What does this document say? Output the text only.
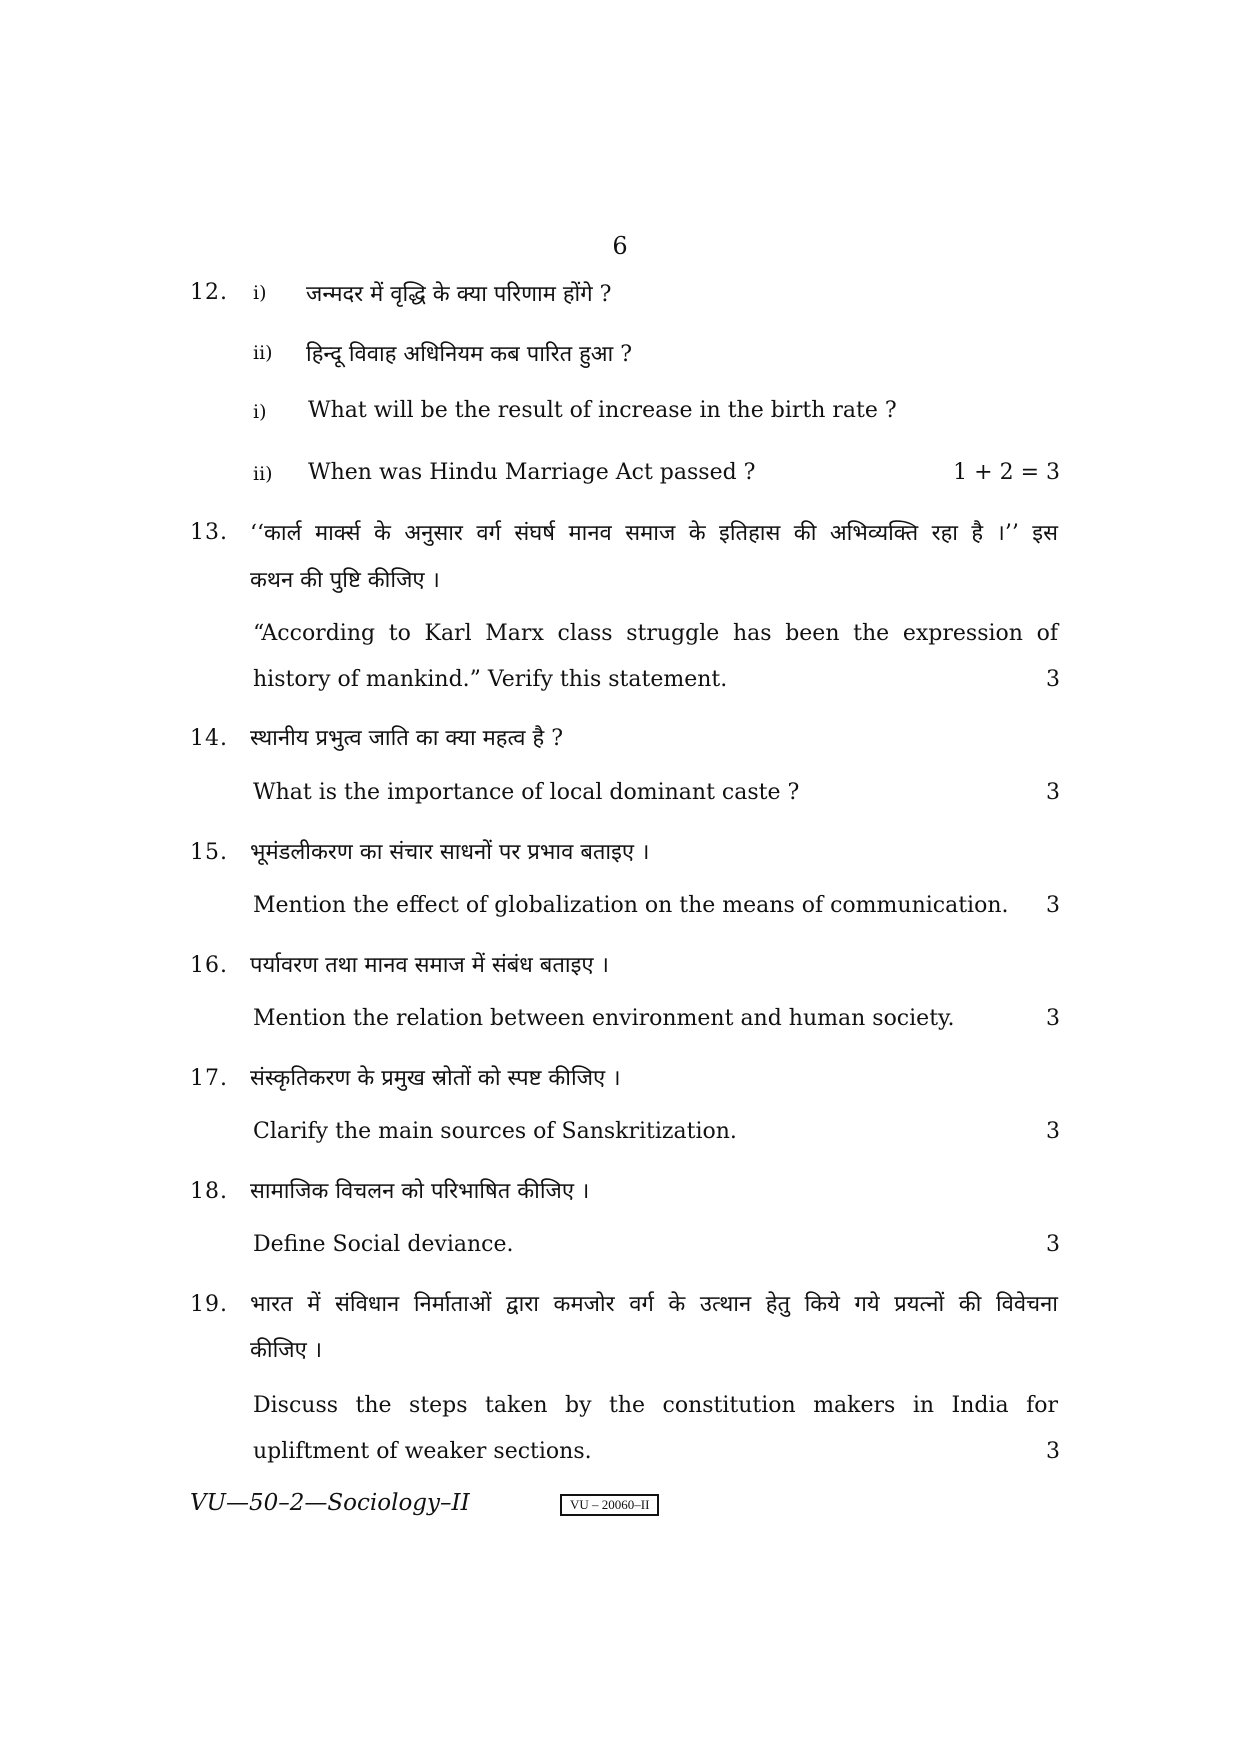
6
12. i) जन्मदर में वृद्धि के क्या परिणाम होंगे ?
ii) हिन्दू विवाह अधिनियम कब पारित हुआ ?
i) What will be the result of increase in the birth rate ?
ii) When was Hindu Marriage Act passed ?	1 + 2 = 3
13. ‘‘कार्ल मार्क्स के अनुसार वर्ग संघर्ष मानव समाज के इतिहास की अभिव्यक्ति रहा है ।’’ इस
कथन की पुष्टि कीजिए ।
“According to Karl Marx class struggle has been the expression of
history of mankind.” Verify this statement.	3
14. स्थानीय प्रभुत्व जाति का क्या महत्व है ?
What is the importance of local dominant caste ?	3
15. भूमंडलीकरण का संचार साधनों पर प्रभाव बताइए ।
Mention the effect of globalization on the means of communication.	3
16. पर्यावरण तथा मानव समाज में संबंध बताइए ।
Mention the relation between environment and human society.	3
17. संस्कृतिकरण के प्रमुख स्रोतों को स्पष्ट कीजिए ।
Clarify the main sources of Sanskritization.	3
18. सामाजिक विचलन को परिभाषित कीजिए ।
Define Social deviance.	3
19. भारत में संविधान निर्माताओं द्वारा कमजोर वर्ग के उत्थान हेतु किये गये प्रयत्नों की विवेचना
कीजिए ।
Discuss the steps taken by the constitution makers in India for
upliftment of weaker sections.	3
VU—50–2—Sociology–II	VU – 20060–II
